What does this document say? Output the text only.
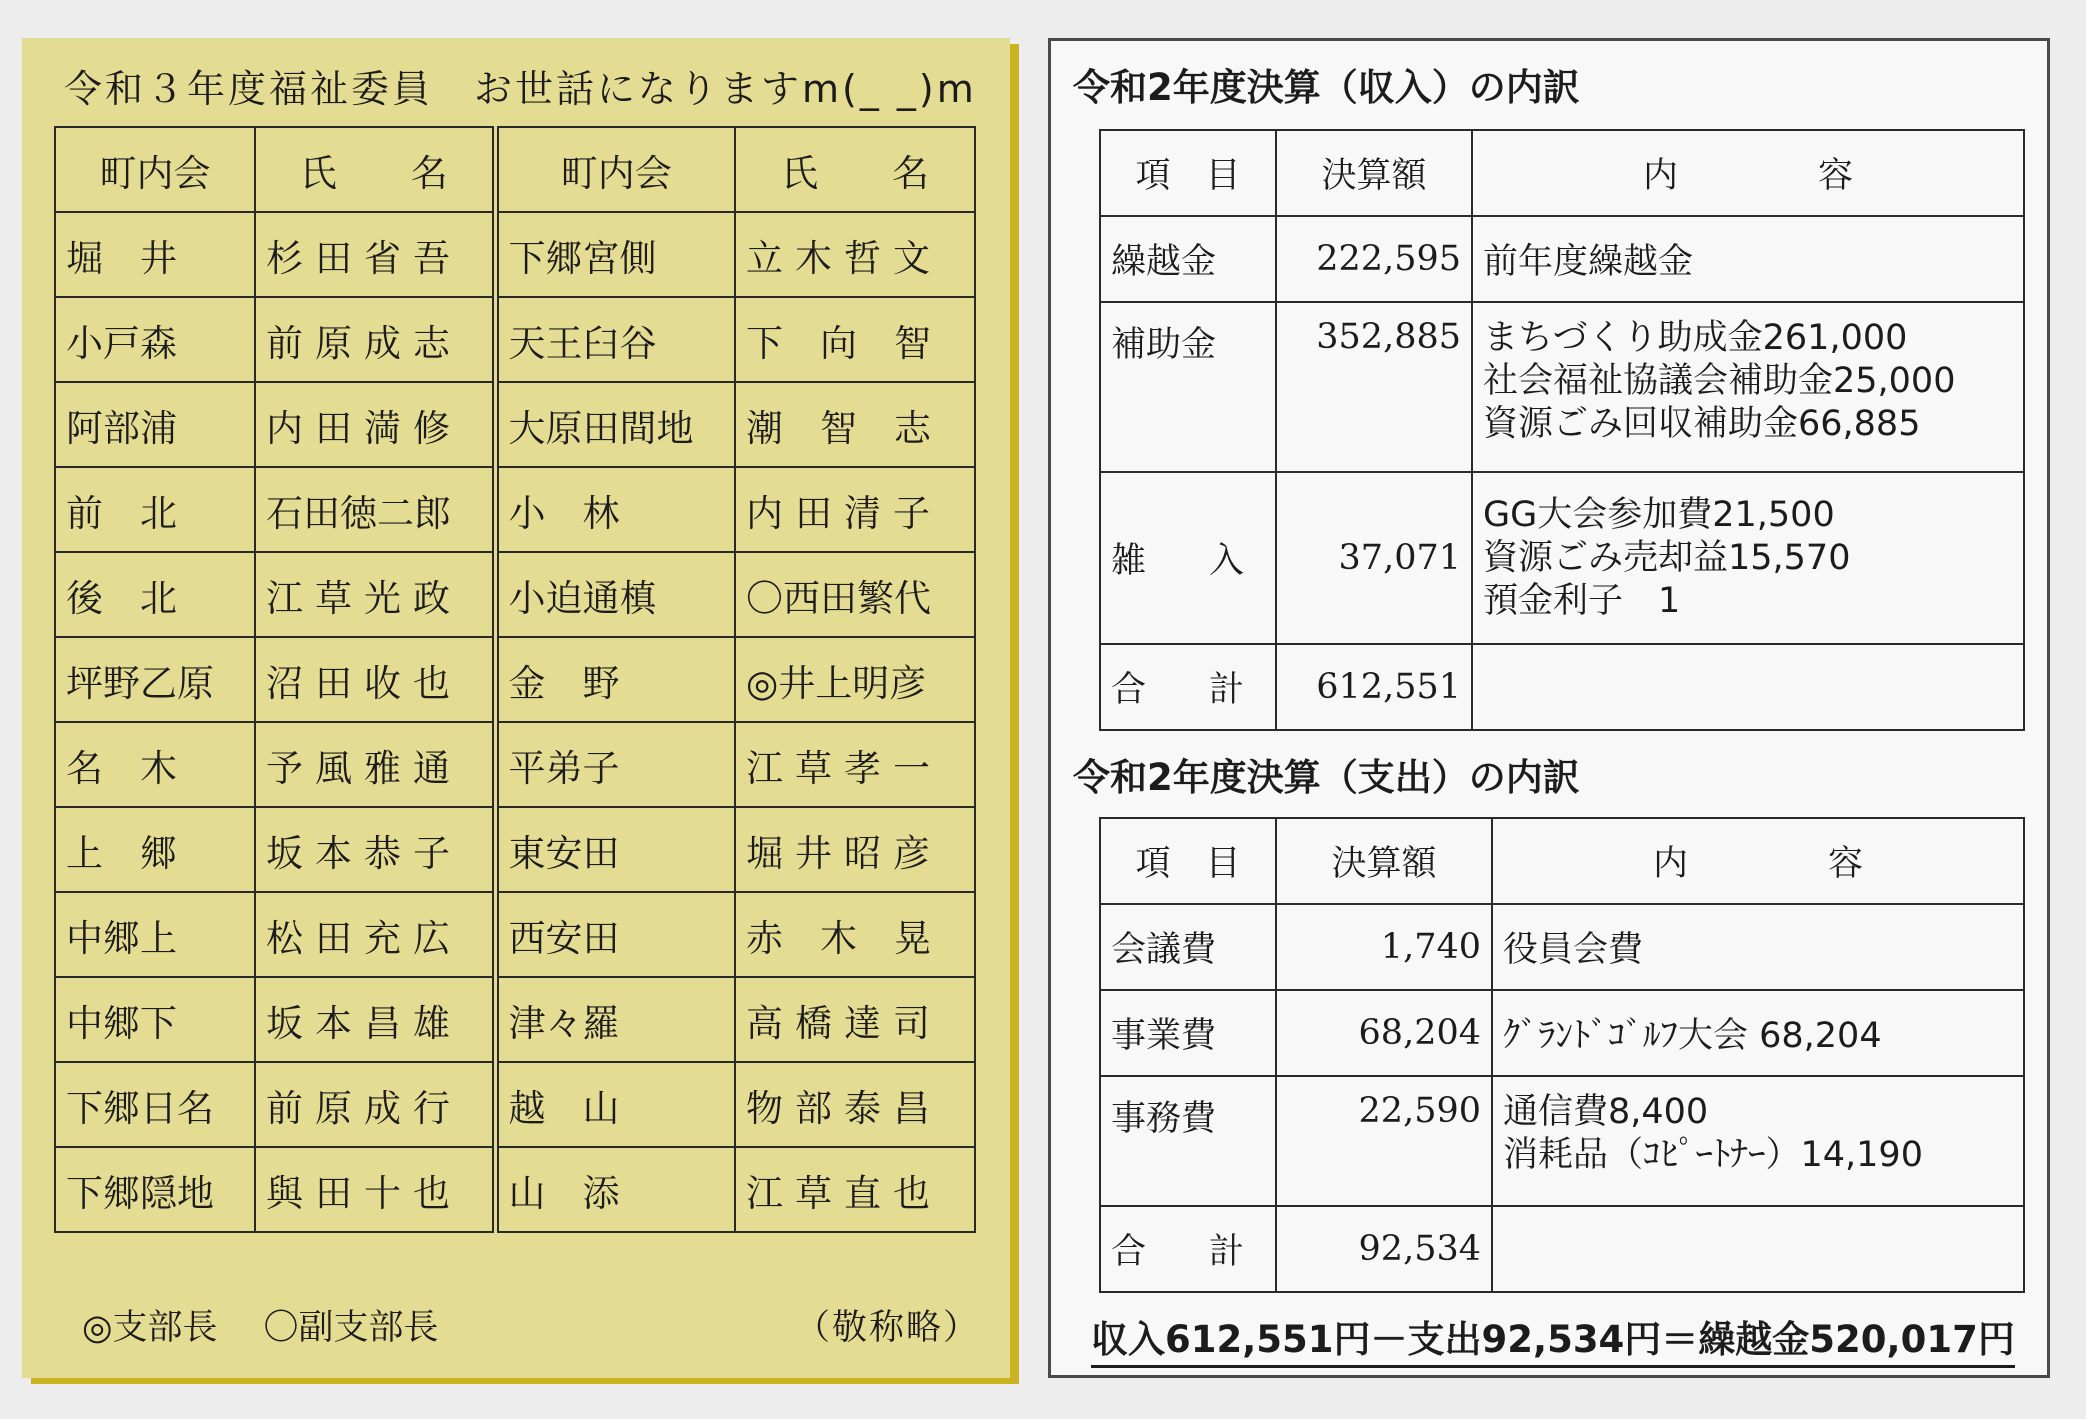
令和３年度福祉委員　お世話になりますm(_ _)m
町内会	氏　　名	町内会	氏　　名
堀　井	杉田省吾	下郷宮側	立木哲文
小戸森	前原成志	天王臼谷	下　向　智
阿部浦	内田満修	大原田間地	潮　智　志
前　北	石田徳二郎	小　林	内田清子
後　北	江草光政	小迫通槙	〇西田繁代
坪野乙原	沼田收也	金　野	◎井上明彦
名　木	予風雅通	平弟子	江草孝一
上　郷	坂本恭子	東安田	堀井昭彦
中郷上	松田充広	西安田	赤　木　晃
中郷下	坂本昌雄	津々羅	高橋達司
下郷日名	前原成行	越　山	物部泰昌
下郷隠地	與田十也	山　添	江草直也
◎支部長 〇副支部長	（敬称略）
令和2年度決算（収入）の内訳
項　目	決算額	内　　　　容
繰越金	222,595	前年度繰越金
補助金	352,885	まちづくり助成金261,000
社会福祉協議会補助金25,000
資源ごみ回収補助金66,885

雑　入	37,071	GG大会参加費21,500
資源ごみ売却益15,570
預金利子　1

合　計	612,551	
令和2年度決算（支出）の内訳
項　目	決算額	内　　　　容
会議費	1,740	役員会費
事業費	68,204	ｸﾞﾗﾝﾄﾞｺﾞﾙﾌ大会 68,204
事務費	22,590	通信費8,400
消耗品（ｺﾋﾟｰﾄﾅｰ）14,190

合　計	92,534	
収入612,551円－支出92,534円＝繰越金520,017円
